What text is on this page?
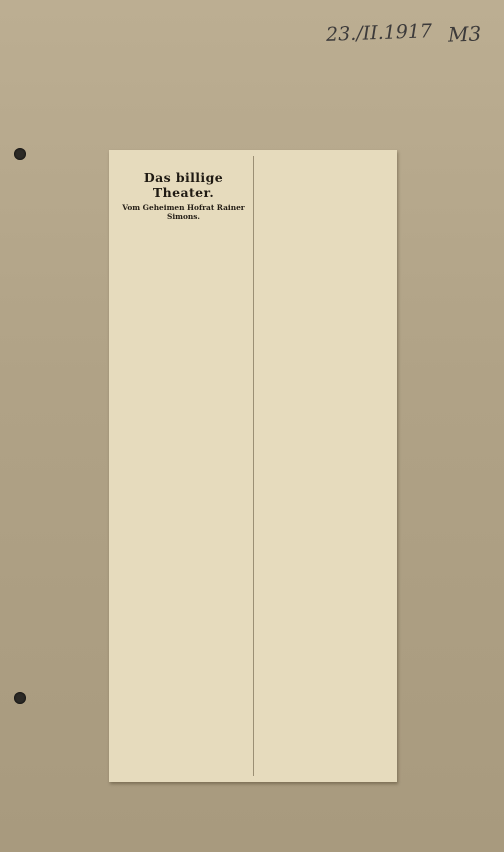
23./II.1917 M3
Das billige Theater.
Vom Geheimen Hofrat Rainer Simons.
